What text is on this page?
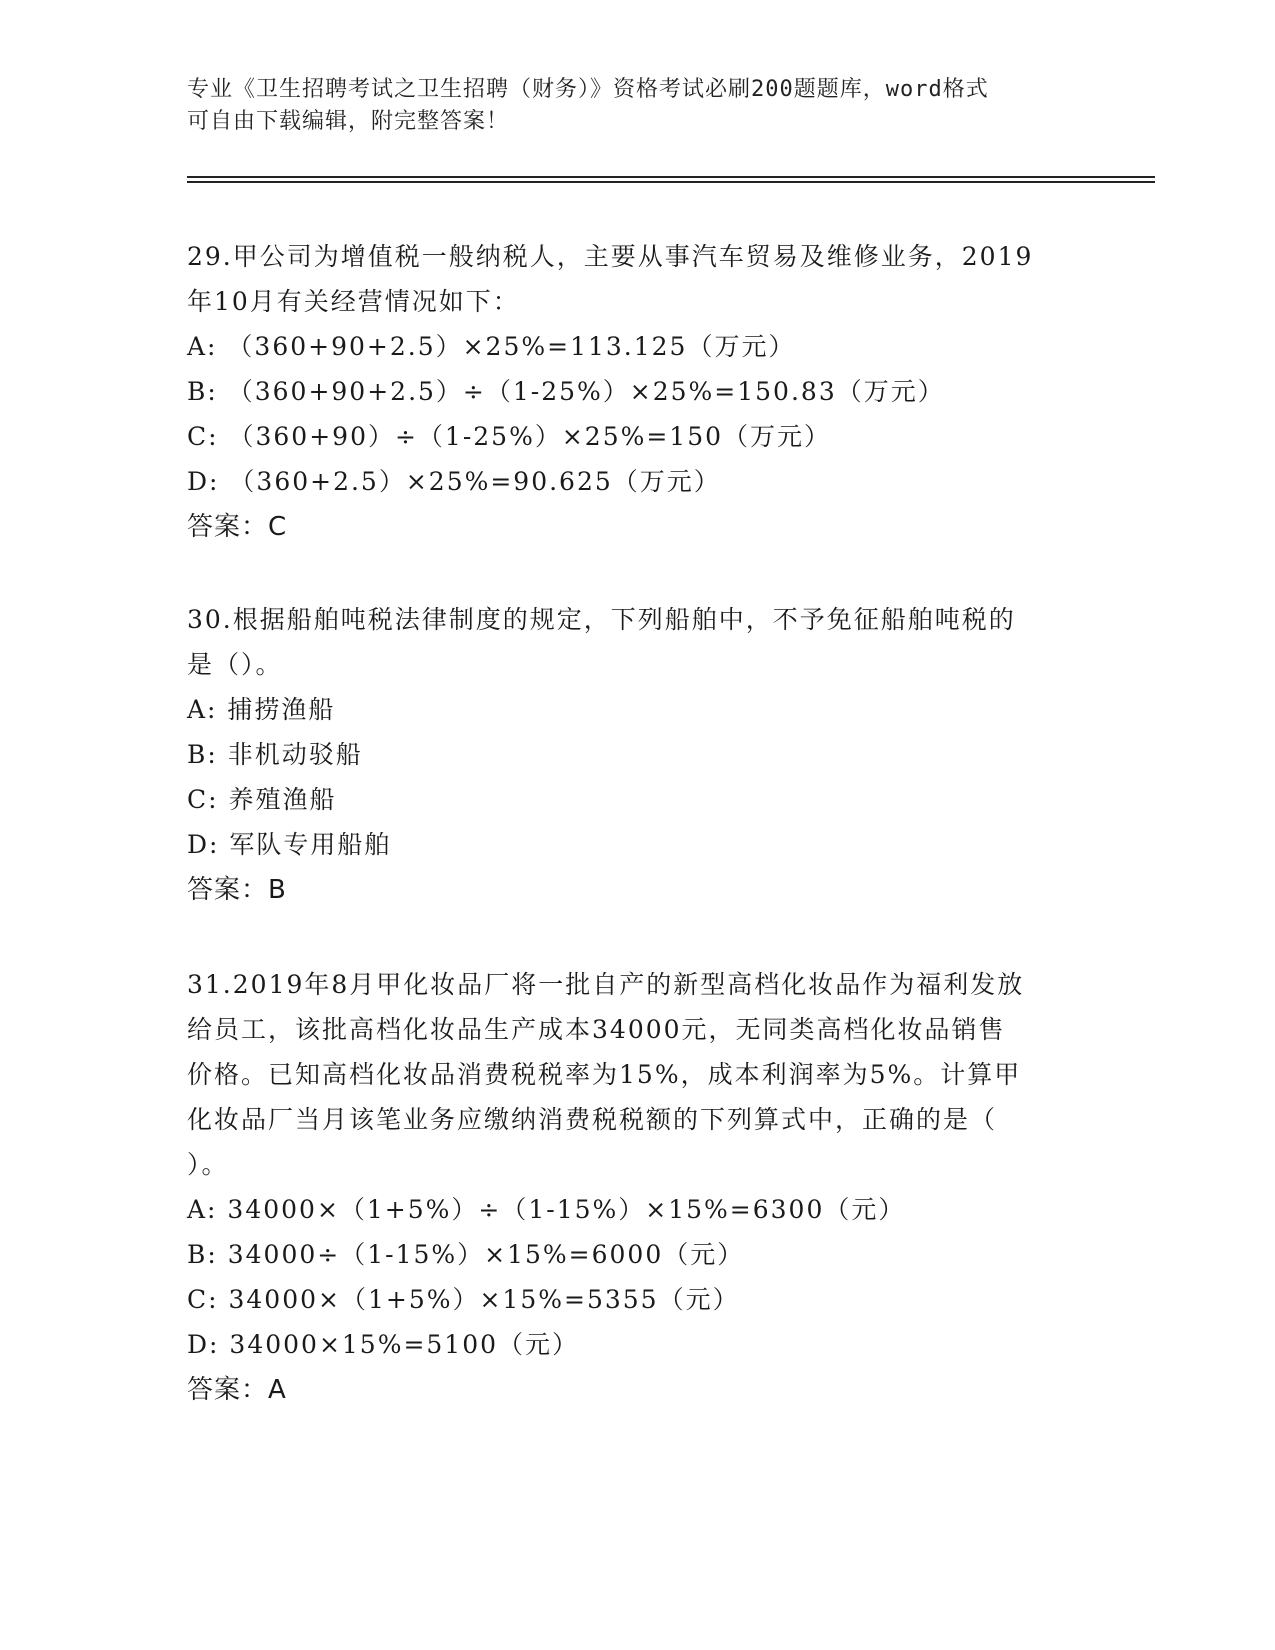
专业《卫生招聘考试之卫生招聘（财务）》资格考试必刷200题题库，word格式
可自由下载编辑，附完整答案！

29.甲公司为增值税一般纳税人，主要从事汽车贸易及维修业务，2019

年10月有关经营情况如下：

A: （360+90+2.5）×25%=113.125（万元）

B: （360+90+2.5）÷（1-25%）×25%=150.83（万元）

C: （360+90）÷（1-25%）×25%=150（万元）

D: （360+2.5）×25%=90.625（万元）

答案：C

30.根据船舶吨税法律制度的规定，下列船舶中，不予免征船舶吨税的

是（）。

A: 捕捞渔船

B: 非机动驳船

C: 养殖渔船

D: 军队专用船舶

答案：B

31.2019年8月甲化妆品厂将一批自产的新型高档化妆品作为福利发放

给员工，该批高档化妆品生产成本34000元，无同类高档化妆品销售

价格。已知高档化妆品消费税税率为15%，成本利润率为5%。计算甲

化妆品厂当月该笔业务应缴纳消费税税额的下列算式中，正确的是（

）。

A: 34000×（1+5%）÷（1-15%）×15%=6300（元）

B: 34000÷（1-15%）×15%=6000（元）

C: 34000×（1+5%）×15%=5355（元）

D: 34000×15%=5100（元）

答案：A
